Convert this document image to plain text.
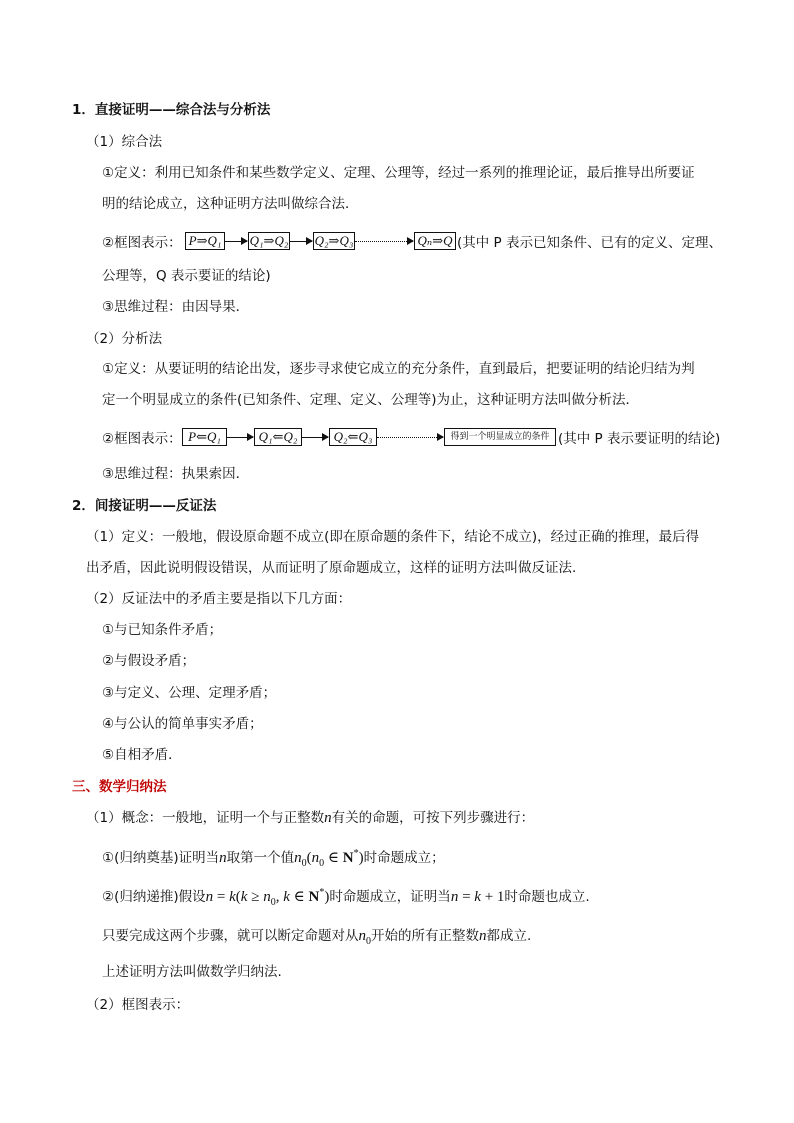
1．直接证明——综合法与分析法
（1）综合法
①定义：利用已知条件和某些数学定义、定理、公理等，经过一系列的推理论证，最后推导出所要证
明的结论成立，这种证明方法叫做综合法．
②框图表示： P⇒Q₁ Q₁⇒Q₂ Q₂⇒Q₃	Qₙ⇒Q (其中 P 表示已知条件、已有的定义、定理、
公理等，Q 表示要证的结论)
③思维过程：由因导果．
（2）分析法
①定义：从要证明的结论出发，逐步寻求使它成立的充分条件，直到最后，把要证明的结论归结为判
定一个明显成立的条件(已知条件、定理、定义、公理等)为止，这种证明方法叫做分析法．
②框图表示： P⇐Q₁	Q₁⇐Q₂	Q₂⇐Q₃	得到一个明显成立的条件 (其中 P 表示要证明的结论)
③思维过程：执果索因．
2．间接证明——反证法
（1）定义：一般地，假设原命题不成立(即在原命题的条件下，结论不成立)，经过正确的推理，最后得
出矛盾，因此说明假设错误，从而证明了原命题成立，这样的证明方法叫做反证法.
（2）反证法中的矛盾主要是指以下几方面：
①与已知条件矛盾；
②与假设矛盾；
③与定义、公理、定理矛盾；
④与公认的简单事实矛盾；
⑤自相矛盾．
三、数学归纳法
（1）概念：一般地，证明一个与正整数n有关的命题，可按下列步骤进行：
①(归纳奠基)证明当n取第一个值$n_0(n_0$ ∈ N*)时命题成立；
②(归纳递推)假设$n = k(k \ge n_0$, k ∈ N*)时命题成立，证明当n = k + 1时命题也成立.
只要完成这两个步骤，就可以断定命题对从$n_0$开始的所有正整数n都成立.
上述证明方法叫做数学归纳法.
（2）框图表示：
